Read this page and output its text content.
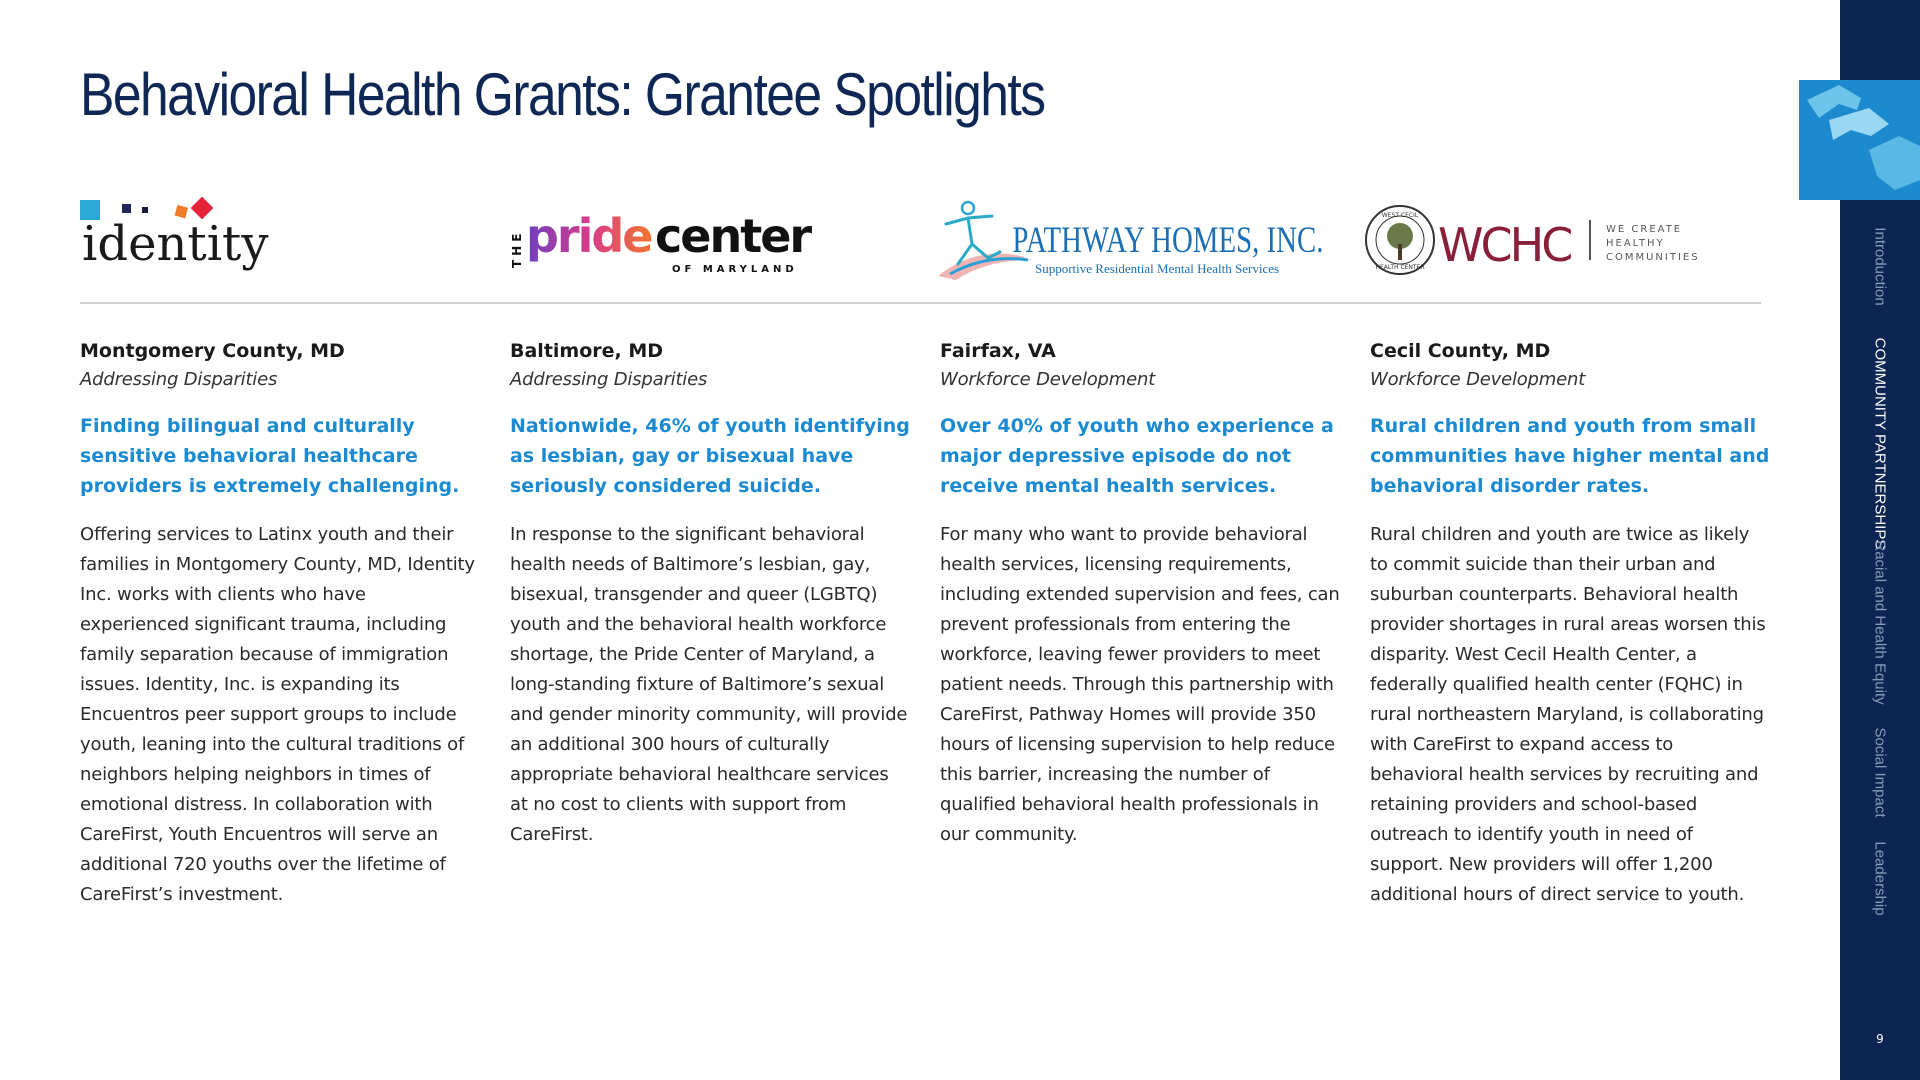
Behavioral Health Grants: Grantee Spotlights
identity	THE pride center
OF MARYLAND
PATHWAY HOMES, INC.
Supportive Residential Mental Health Services
WEST CECIL
HEALTH CENTER WCHC	WE CREATE
HEALTHY
COMMUNITIES
Montgomery County, MD
Addressing Disparities
Finding bilingual and culturally sensitive behavioral healthcare providers is extremely challenging.
Offering services to Latinx youth and their families in Montgomery County, MD, Identity Inc. works with clients who have experienced significant trauma, including family separation because of immigration issues. Identity, Inc. is expanding its Encuentros peer support groups to include youth, leaning into the cultural traditions of neighbors helping neighbors in times of emotional distress. In collaboration with CareFirst, Youth Encuentros will serve an additional 720 youths over the lifetime of CareFirst’s investment.
Baltimore, MD
Addressing Disparities
Nationwide, 46% of youth identifying as lesbian, gay or bisexual have seriously considered suicide.
In response to the significant behavioral health needs of Baltimore’s lesbian, gay, bisexual, transgender and queer (LGBTQ) youth and the behavioral health workforce shortage, the Pride Center of Maryland, a long-standing fixture of Baltimore’s sexual and gender minority community, will provide an additional 300 hours of culturally appropriate behavioral healthcare services at no cost to clients with support from CareFirst.
Fairfax, VA
Workforce Development
Over 40% of youth who experience a major depressive episode do not receive mental health services.
For many who want to provide behavioral health services, licensing requirements, including extended supervision and fees, can prevent professionals from entering the workforce, leaving fewer providers to meet patient needs. Through this partnership with CareFirst, Pathway Homes will provide 350 hours of licensing supervision to help reduce this barrier, increasing the number of qualified behavioral health professionals in our community.
Cecil County, MD
Workforce Development
Rural children and youth from small communities have higher mental and behavioral disorder rates.
Rural children and youth are twice as likely to commit suicide than their urban and suburban counterparts. Behavioral health provider shortages in rural areas worsen this disparity. West Cecil Health Center, a federally qualified health center (FQHC) in rural northeastern Maryland, is collaborating with CareFirst to expand access to behavioral health services by recruiting and retaining providers and school-based outreach to identify youth in need of support. New providers will offer 1,200 additional hours of direct service to youth.
Introduction
COMMUNITY PARTNERSHIPS
Racial and Health Equity
Social Impact
Leadership
9
